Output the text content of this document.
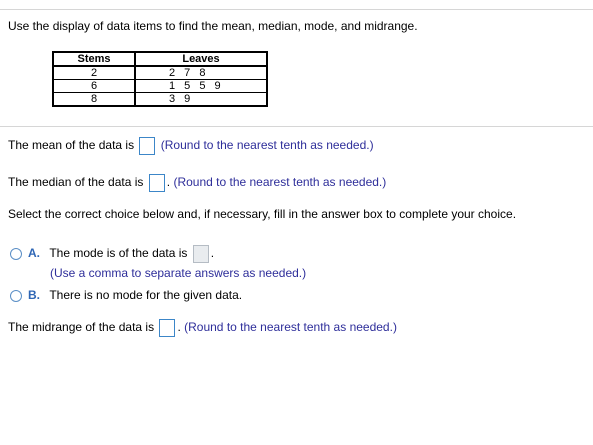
Use the display of data items to find the mean, median, mode, and midrange.
Stems	Leaves
2	2 7 8
6	1 5 5 9
8	3 9
The mean of the data is (Round to the nearest tenth as needed.)
The median of the data is . (Round to the nearest tenth as needed.)
Select the correct choice below and, if necessary, fill in the answer box to complete your choice.
A. The mode is of the data is .
(Use a comma to separate answers as needed.)
B. There is no mode for the given data.
The midrange of the data is . (Round to the nearest tenth as needed.)
